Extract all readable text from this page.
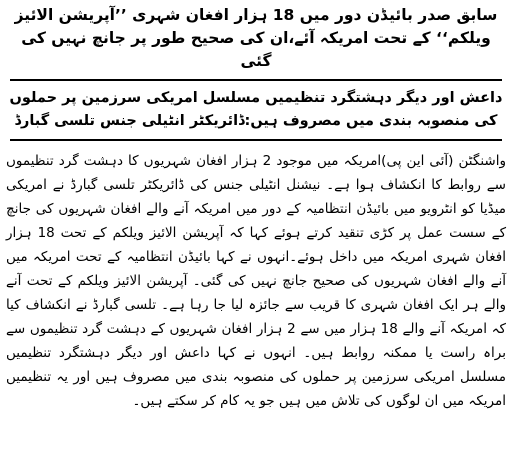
سابق صدر بائیڈن دور میں 18 ہزار افغان شہری ’’آپریشن الائیز ویلکم‘‘ کے تحت امریکہ آئے،ان کی صحیح طور پر جانچ نہیں کی گئی
داعش اور دیگر دہشتگرد تنظیمیں مسلسل امریکی سرزمین پر حملوں کی منصوبہ بندی میں مصروف ہیں:ڈائریکٹر انٹیلی جنس تلسی گبارڈ

واشنگٹن (آئی این پی)امریکہ میں موجود 2 ہزار افغان شہریوں کا دہشت گرد تنظیموں سے روابط کا انکشاف ہوا ہے۔ نیشنل انٹیلی جنس کی ڈائریکٹر تلسی گبارڈ نے امریکی میڈیا کو انٹرویو میں بائیڈن انتظامیہ کے دور میں امریکہ آنے والے افغان شہریوں کی جانچ کے سست عمل پر کڑی تنقید کرتے ہوئے کہا کہ آپریشن الائیز ویلکم کے تحت 18 ہزار افغان شہری امریکہ میں داخل ہوئے۔انہوں نے کہا بائیڈن انتظامیہ کے تحت امریکہ میں آنے والے افغان شہریوں کی صحیح جانچ نہیں کی گئی۔ آپریشن الائیز ویلکم کے تحت آنے والے ہر ایک افغان شہری کا قریب سے جائزہ لیا جا رہا ہے۔ تلسی گبارڈ نے انکشاف کیا کہ امریکہ آنے والے 18 ہزار میں سے 2 ہزار افغان شہریوں کے دہشت گرد تنظیموں سے براہ راست یا ممکنہ روابط ہیں۔ انہوں نے کہا داعش اور دیگر دہشتگرد تنظیمیں مسلسل امریکی سرزمین پر حملوں کی منصوبہ بندی میں مصروف ہیں اور یہ تنظیمیں امریکہ میں ان لوگوں کی تلاش میں ہیں جو یہ کام کر سکتے ہیں۔
